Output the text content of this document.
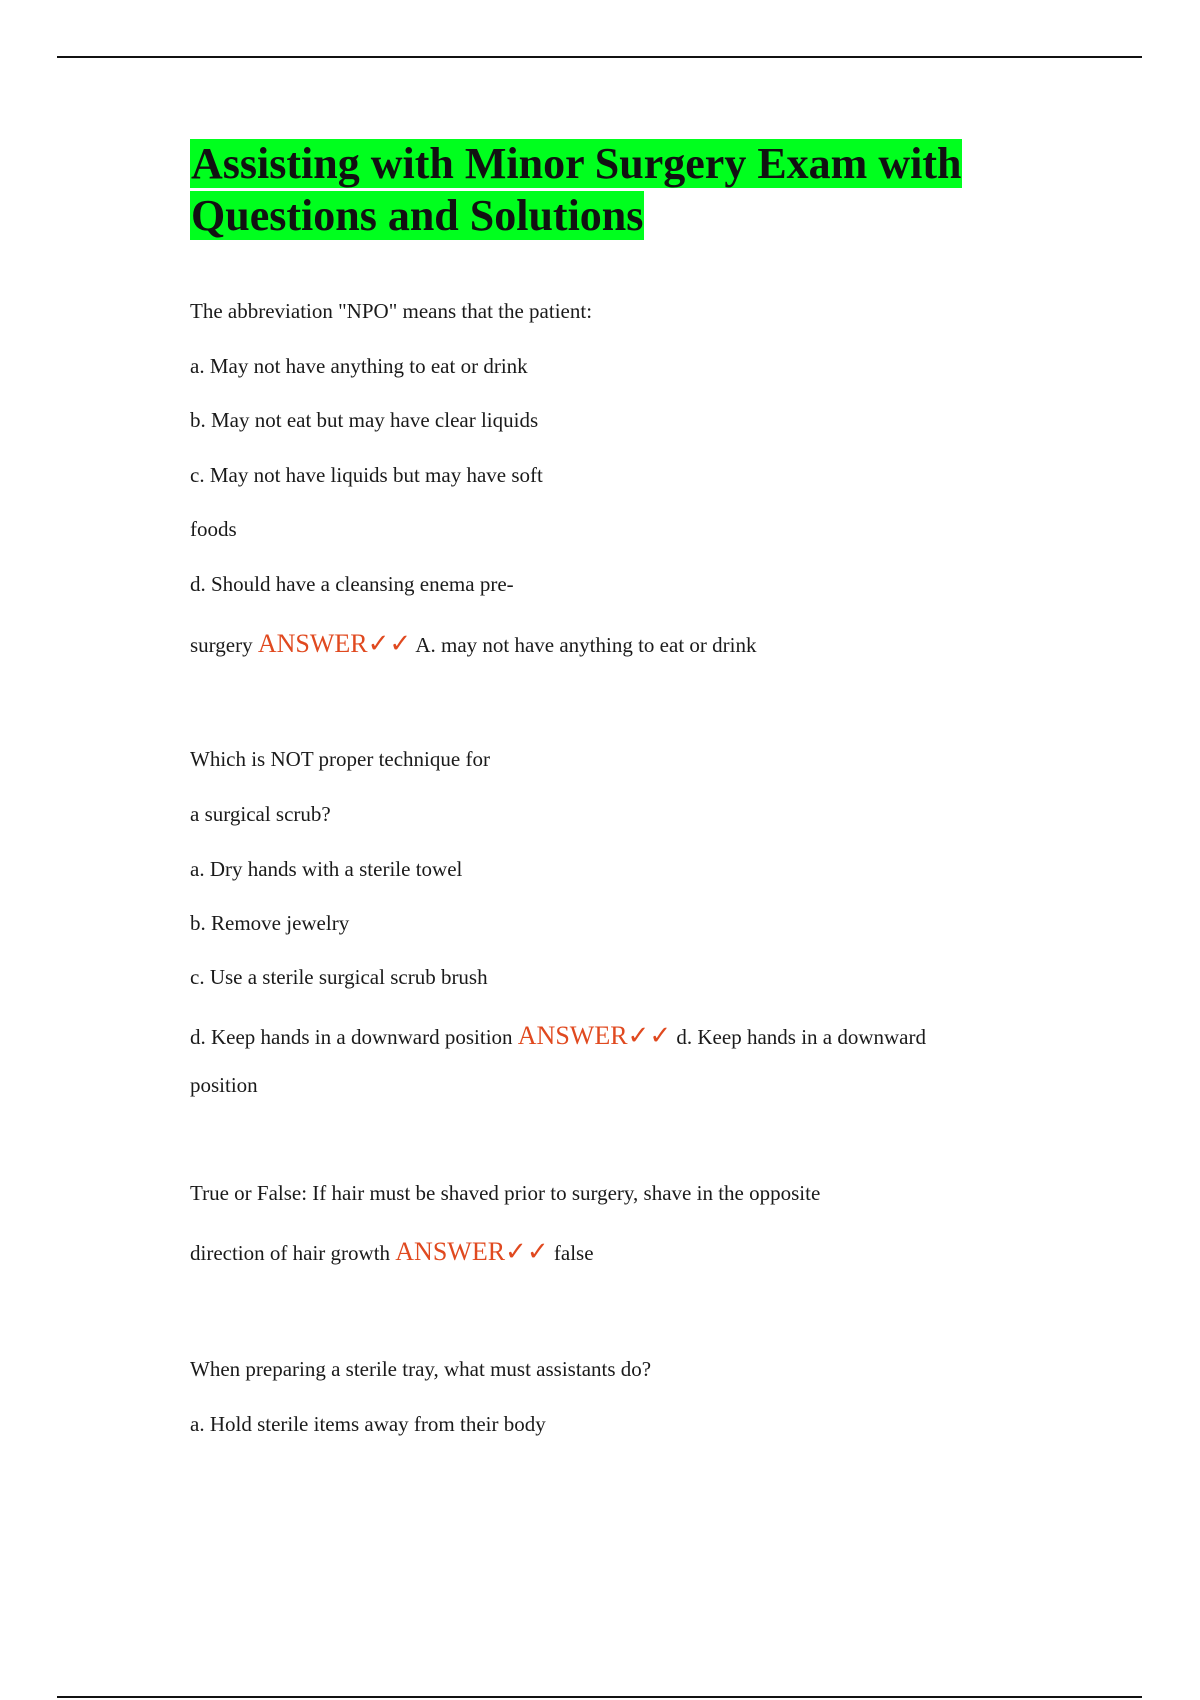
Assisting with Minor Surgery Exam with Questions and Solutions
The abbreviation "NPO" means that the patient:
a. May not have anything to eat or drink
b. May not eat but may have clear liquids
c. May not have liquids but may have soft
foods
d. Should have a cleansing enema pre-
surgery ANSWER✓✓ A. may not have anything to eat or drink
Which is NOT proper technique for
a surgical scrub?
a. Dry hands with a sterile towel
b. Remove jewelry
c. Use a sterile surgical scrub brush
d. Keep hands in a downward position ANSWER✓✓ d. Keep hands in a downward
position
True or False: If hair must be shaved prior to surgery, shave in the opposite
direction of hair growth ANSWER✓✓ false
When preparing a sterile tray, what must assistants do?
a. Hold sterile items away from their body
